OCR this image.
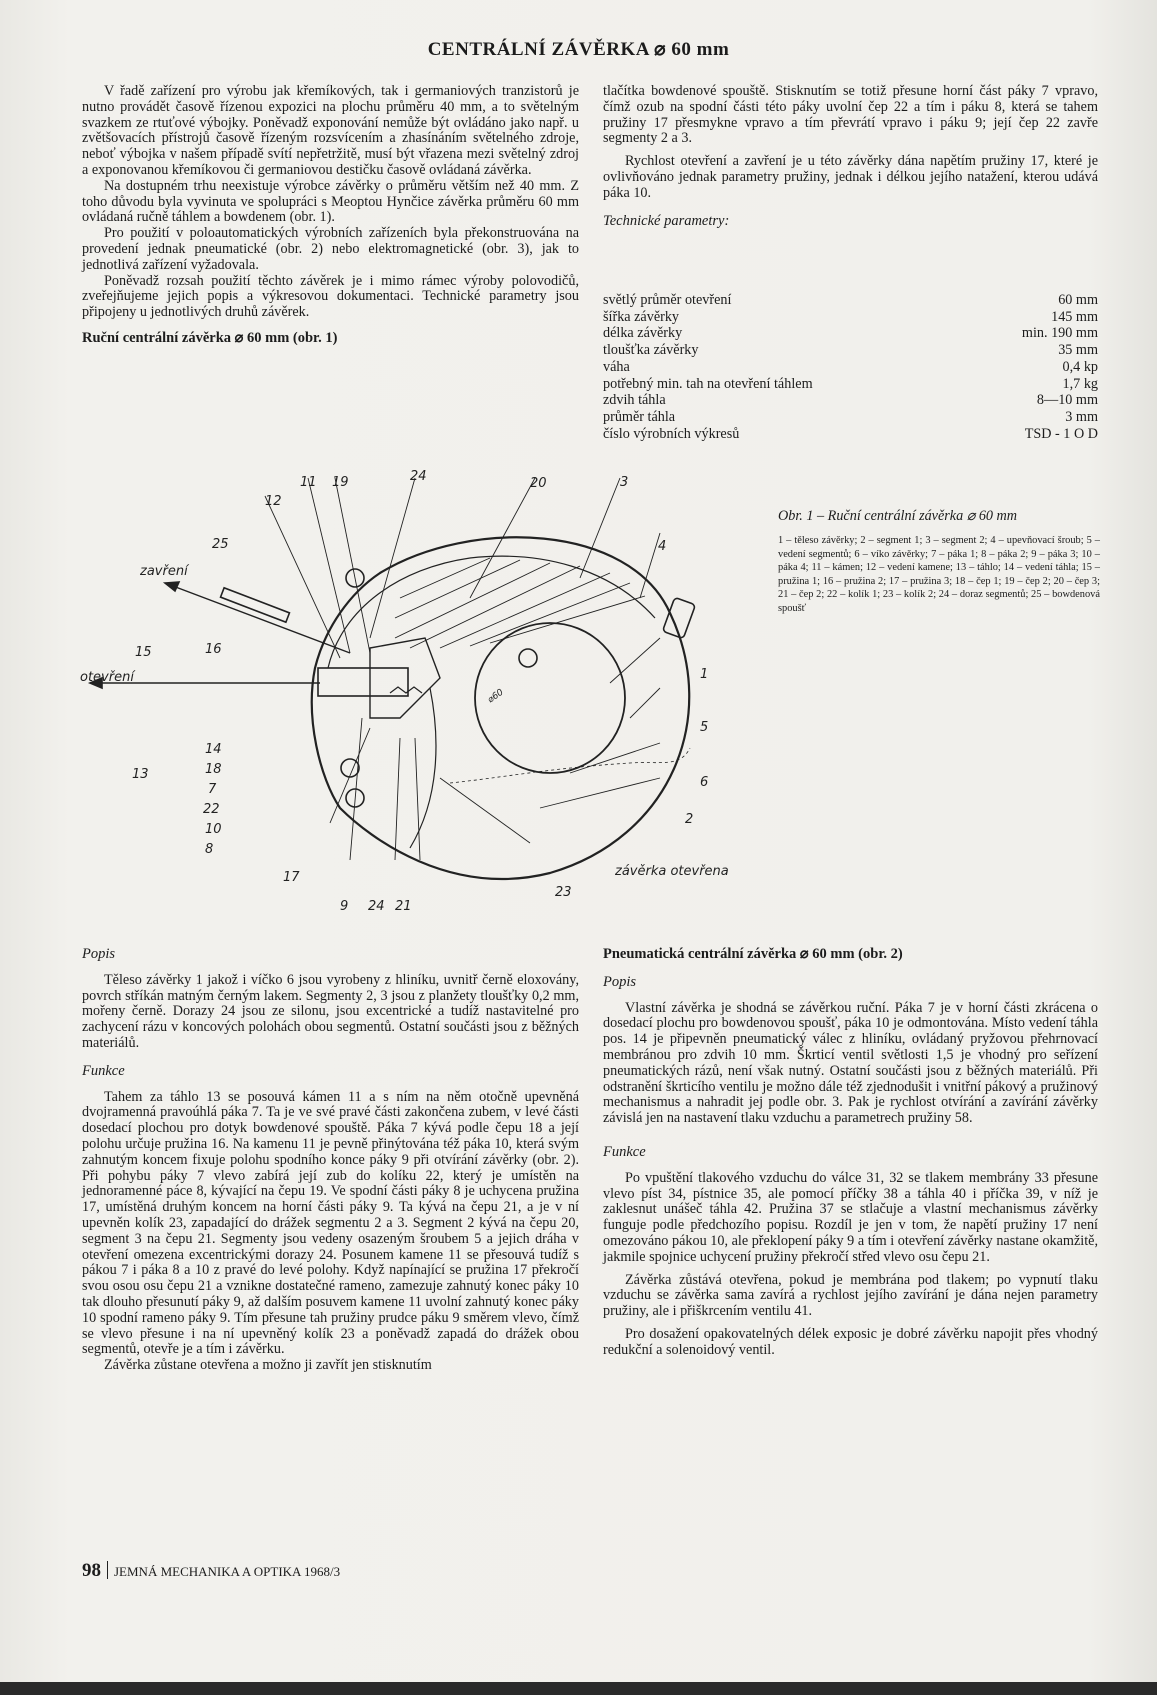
CENTRÁLNÍ ZÁVĚRKA ⌀ 60 mm

V řadě zařízení pro výrobu jak křemíkových, tak i germaniových tranzistorů je nutno provádět časově řízenou expozici na plochu průměru 40 mm, a to světelným svazkem ze rtuťové výbojky. Poněvadž exponování nemůže být ovládáno jako např. u zvětšovacích přístrojů časově řízeným rozsvícením a zhasínáním světelného zdroje, neboť výbojka v našem případě svítí nepřetržitě, musí být vřazena mezi světelný zdroj a exponovanou křemíkovou či germaniovou destičku časově ovládaná závěrka.

Na dostupném trhu neexistuje výrobce závěrky o průměru větším než 40 mm. Z toho důvodu byla vyvinuta ve spolupráci s Meoptou Hynčice závěrka průměru 60 mm ovládaná ručně táhlem a bowdenem (obr. 1).

Pro použití v poloautomatických výrobních zařízeních byla překonstruována na provedení jednak pneumatické (obr. 2) nebo elektromagnetické (obr. 3), jak to jednotlivá zařízení vyžadovala.

Poněvadž rozsah použití těchto závěrek je i mimo rámec výroby polovodičů, zveřejňujeme jejich popis a výkresovou dokumentaci. Technické parametry jsou připojeny u jednotlivých druhů závěrek.

Ruční centrální závěrka ⌀ 60 mm (obr. 1)

tlačítka bowdenové spouště. Stisknutím se totiž přesune horní část páky 7 vpravo, čímž ozub na spodní části této páky uvolní čep 22 a tím i páku 8, která se tahem pružiny 17 přesmykne vpravo a tím převrátí vpravo i páku 9; její čep 22 zavře segmenty 2 a 3.

Rychlost otevření a zavření je u této závěrky dána napětím pružiny 17, které je ovlivňováno jednak parametry pružiny, jednak i délkou jejího natažení, kterou udává páka 10.

Technické parametry:
světlý průměr otevření	60 mm
šířka závěrky	145 mm
délka závěrky	min. 190 mm
tloušťka závěrky	35 mm
váha	0,4 kp
potřebný min. tah na otevření táhlem	1,7 kg
zdvih táhla	8—10 mm
průměr táhla	3 mm
číslo výrobních výkresů	TSD - 1 O D
11 19	24	20	3
12
25	4
16
15
1
5
14
13	18
7
22
10
8
6
2
17
9 24 21
23
zavření
otevření
závěrka otevřena
⌀60
Obr. 1 – Ruční centrální závěrka ⌀ 60 mm
1 – těleso závěrky; 2 – segment 1; 3 – segment 2; 4 – upevňovací šroub; 5 – vedení segmentů; 6 – víko závěrky; 7 – páka 1; 8 – páka 2; 9 – páka 3; 10 – páka 4; 11 – kámen; 12 – vedení kamene; 13 – táhlo; 14 – vedení táhla; 15 – pružina 1; 16 – pružina 2; 17 – pružina 3; 18 – čep 1; 19 – čep 2; 20 – čep 3; 21 – čep 2; 22 – kolík 1; 23 – kolík 2; 24 – doraz segmentů; 25 – bowdenová spoušť
Popis

Těleso závěrky 1 jakož i víčko 6 jsou vyrobeny z hliníku, uvnitř černě eloxovány, povrch stříkán matným černým lakem. Segmenty 2, 3 jsou z planžety tloušťky 0,2 mm, mořeny černě. Dorazy 24 jsou ze silonu, jsou excentrické a tudíž nastavitelné pro zachycení rázu v koncových polohách obou segmentů. Ostatní součásti jsou z běžných materiálů.

Funkce

Tahem za táhlo 13 se posouvá kámen 11 a s ním na něm otočně upevněná dvojramenná pravoúhlá páka 7. Ta je ve své pravé části zakončena zubem, v levé části dosedací plochou pro dotyk bowdenové spouště. Páka 7 kývá podle čepu 18 a její polohu určuje pružina 16. Na kamenu 11 je pevně přinýtována též páka 10, která svým zahnutým koncem fixuje polohu spodního konce páky 9 při otvírání závěrky (obr. 2). Při pohybu páky 7 vlevo zabírá její zub do kolíku 22, který je umístěn na jednoramenné páce 8, kývající na čepu 19. Ve spodní části páky 8 je uchycena pružina 17, umístěná druhým koncem na horní části páky 9. Ta kývá na čepu 21, a je v ní upevněn kolík 23, zapadající do drážek segmentu 2 a 3. Segment 2 kývá na čepu 20, segment 3 na čepu 21. Segmenty jsou vedeny osazeným šroubem 5 a jejich dráha v otevření omezena excentrickými dorazy 24. Posunem kamene 11 se přesouvá tudíž s pákou 7 i páka 8 a 10 z pravé do levé polohy. Když napínající se pružina 17 překročí svou osou osu čepu 21 a vznikne dostatečné rameno, zamezuje zahnutý konec páky 10 tak dlouho přesunutí páky 9, až dalším posuvem kamene 11 uvolní zahnutý konec páky 10 spodní rameno páky 9. Tím přesune tah pružiny prudce páku 9 směrem vlevo, čímž se vlevo přesune i na ní upevněný kolík 23 a poněvadž zapadá do drážek obou segmentů, otevře je a tím i závěrku.

Závěrka zůstane otevřena a možno ji zavřít jen stisknutím

Pneumatická centrální závěrka ⌀ 60 mm (obr. 2)
Popis

Vlastní závěrka je shodná se závěrkou ruční. Páka 7 je v horní části zkrácena o dosedací plochu pro bowdenovou spoušť, páka 10 je odmontována. Místo vedení táhla pos. 14 je připevněn pneumatický válec z hliníku, ovládaný pryžovou přehrnovací membránou pro zdvih 10 mm. Škrticí ventil světlosti 1,5 je vhodný pro seřízení pneumatických rázů, není však nutný. Ostatní součásti jsou z běžných materiálů. Při odstranění škrticího ventilu je možno dále též zjednodušit i vnitřní pákový a pružinový mechanismus a nahradit jej podle obr. 3. Pak je rychlost otvírání a zavírání závěrky závislá jen na nastavení tlaku vzduchu a parametrech pružiny 58.

Funkce

Po vpuštění tlakového vzduchu do válce 31, 32 se tlakem membrány 33 přesune vlevo píst 34, pístnice 35, ale pomocí příčky 38 a táhla 40 i příčka 39, v níž je zaklesnut unášeč táhla 42. Pružina 37 se stlačuje a vlastní mechanismus závěrky funguje podle předchozího popisu. Rozdíl je jen v tom, že napětí pružiny 17 není omezováno pákou 10, ale překlopení páky 9 a tím i otevření závěrky nastane okamžitě, jakmile spojnice uchycení pružiny překročí střed vlevo osu čepu 21.

Závěrka zůstává otevřena, pokud je membrána pod tlakem; po vypnutí tlaku vzduchu se závěrka sama zavírá a rychlost jejího zavírání je dána nejen parametry pružiny, ale i přiškrcením ventilu 41.

Pro dosažení opakovatelných délek exposic je dobré závěrku napojit přes vhodný redukční a solenoidový ventil.

98 JEMNÁ MECHANIKA A OPTIKA 1968/3
